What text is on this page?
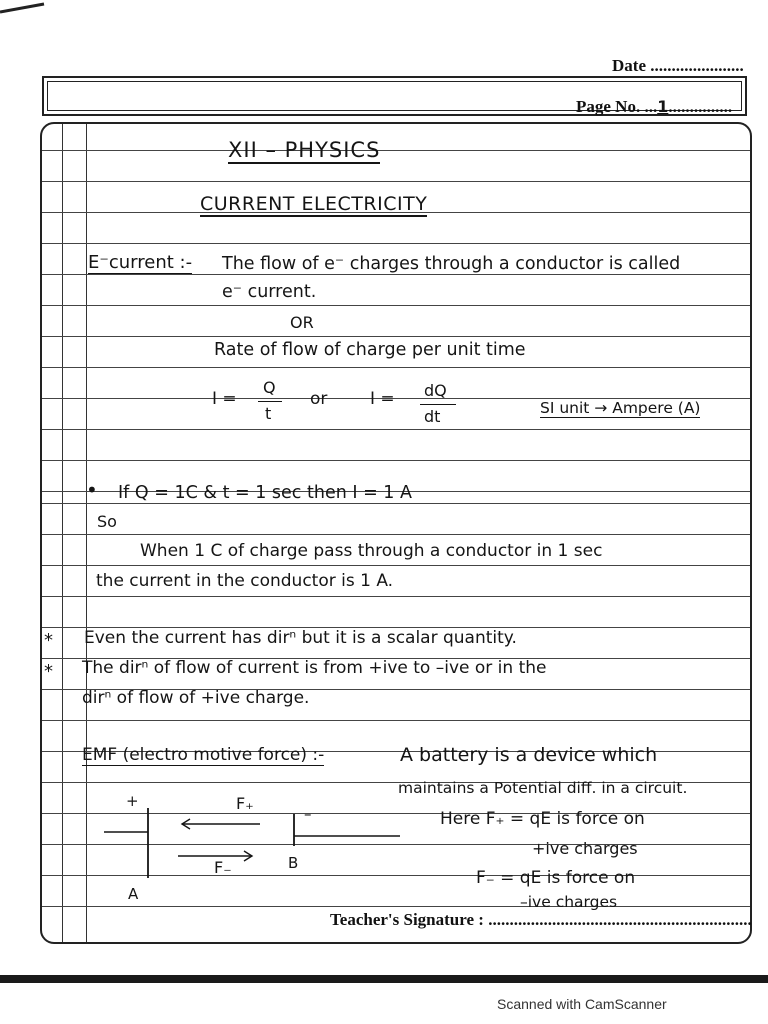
Date ......................
Page No. ...1...............
XII – PHYSICS
CURRENT ELECTRICITY
E⁻current :- The flow of e⁻ charges through a conductor is called
e⁻ current.
OR
Rate of flow of charge per unit time
I =
Q
t
or	I = dQ
dt	SI unit → Ampere (A)
• If Q = 1C & t = 1 sec then I = 1 A
So
When 1 C of charge pass through a conductor in 1 sec
the current in the conductor is 1 A.
* Even the current has dirⁿ but it is a scalar quantity.
* The dirⁿ of flow of current is from +ive to –ive or in the
dirⁿ of flow of +ive charge.
EMF (electro motive force) :-	A battery is a device which
maintains a Potential diff. in a circuit.
+
–
F₊
F₋
A
B
Here F₊ = qE is force on
+ive charges
F₋ = qE is force on
–ive charges
Teacher's Signature : ..............................................................
Scanned with CamScanner
